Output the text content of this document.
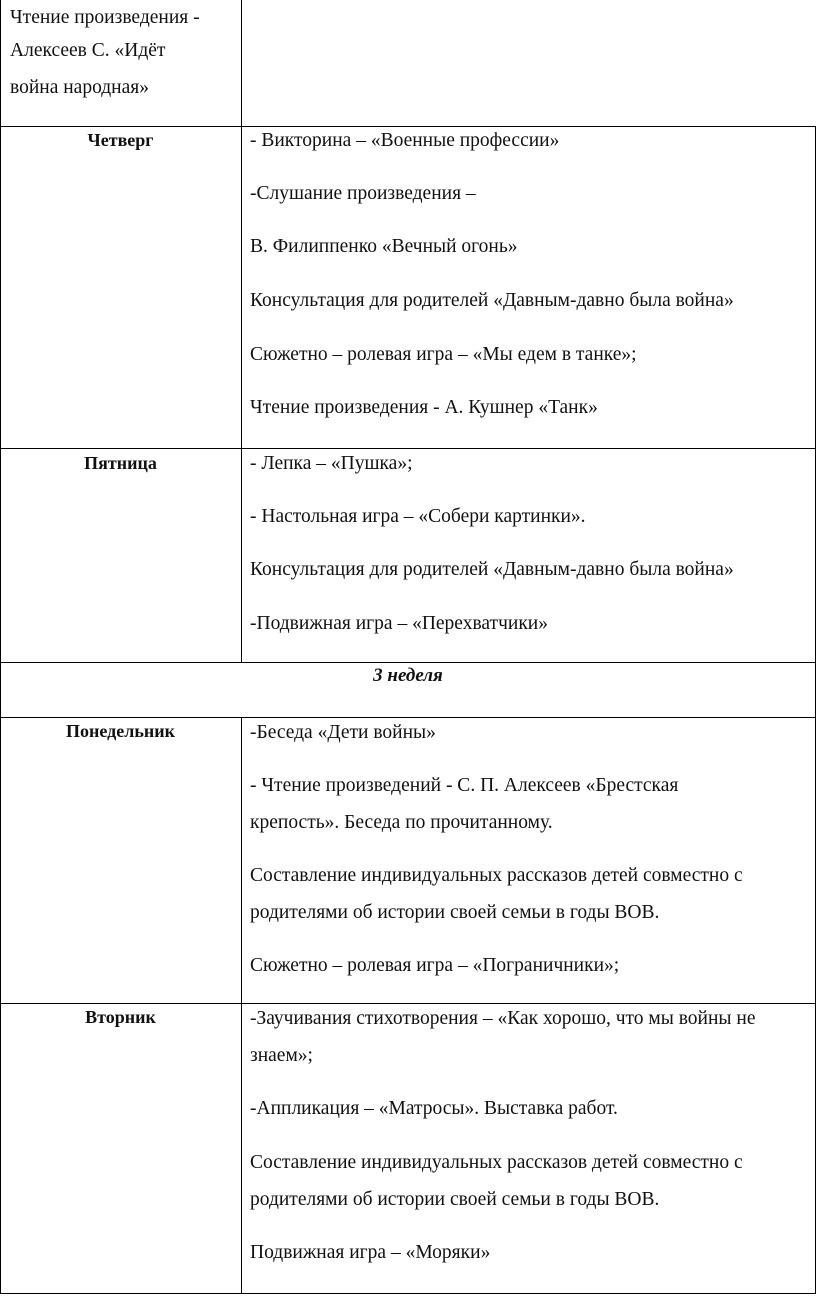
Чтение произведения -
Алексеев С. «Идёт
война народная»
Четверг	- Викторина – «Военные профессии»
-Слушание произведения –
В. Филиппенко «Вечный огонь»
Консультация для родителей «Давным-давно была война»
Сюжетно – ролевая игра – «Мы едем в танке»;
Чтение произведения - А. Кушнер «Танк»
Пятница	- Лепка – «Пушка»;
- Настольная игра – «Собери картинки».
Консультация для родителей «Давным-давно была война»
-Подвижная игра – «Перехватчики»
3 неделя
Понедельник	-Беседа «Дети войны»
- Чтение произведений - С. П. Алексеев «Брестская
крепость». Беседа по прочитанному.
Составление индивидуальных рассказов детей совместно с
родителями об истории своей семьи в годы ВОВ.
Сюжетно – ролевая игра – «Пограничники»;
Вторник	-Заучивания стихотворения – «Как хорошо, что мы войны не
знаем»;
-Аппликация – «Матросы». Выставка работ.
Составление индивидуальных рассказов детей совместно с
родителями об истории своей семьи в годы ВОВ.
Подвижная игра – «Моряки»
